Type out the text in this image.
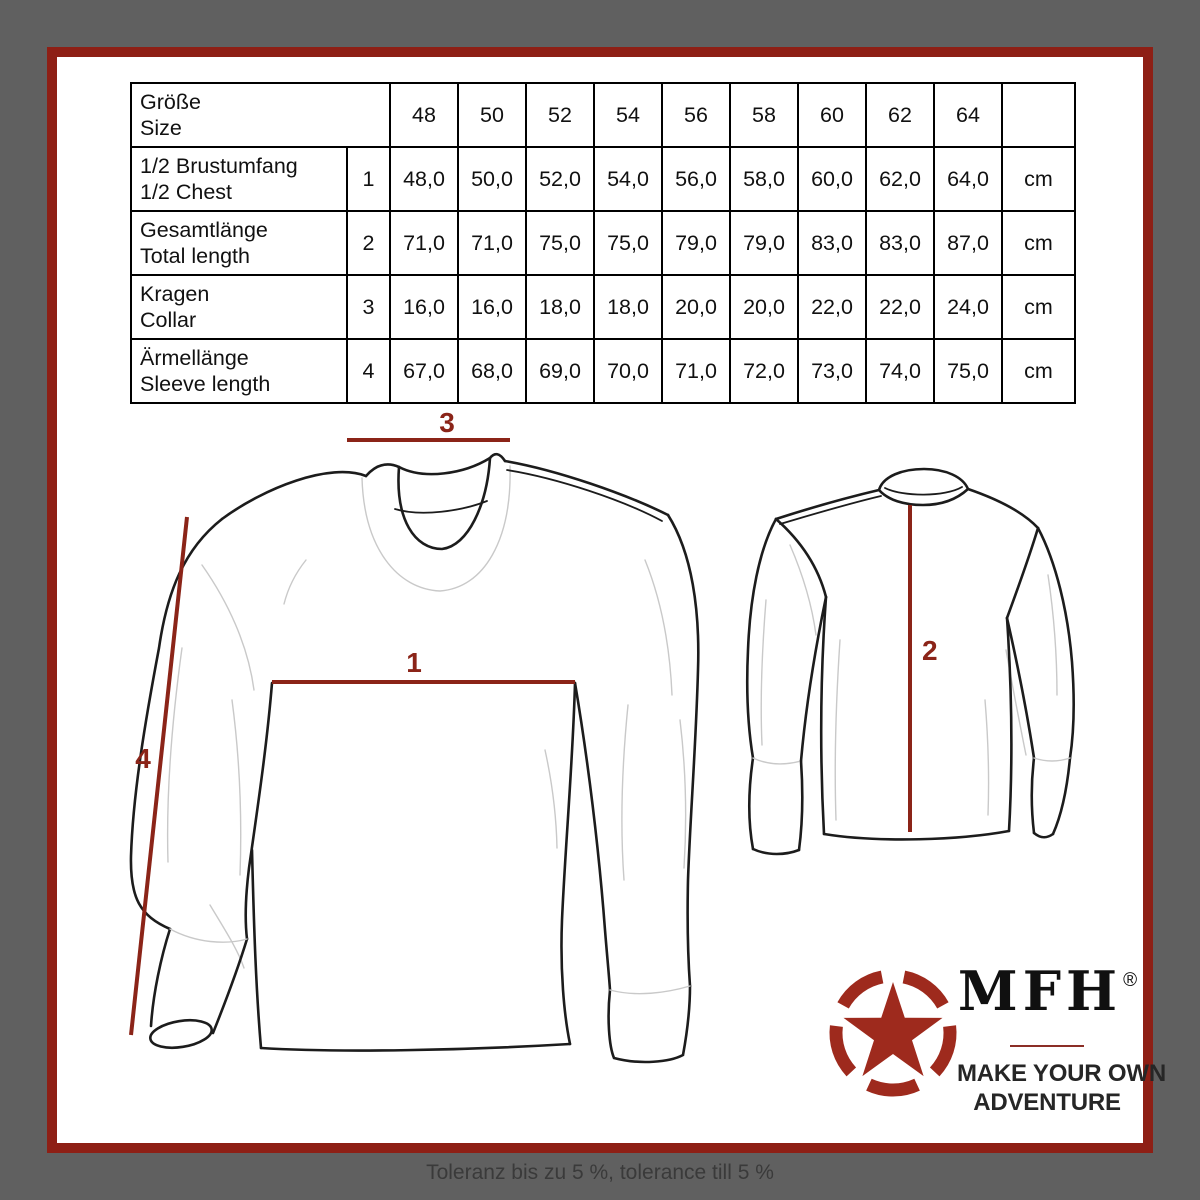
Größe
Size		48	50	52	54	56	58	60	62	64	
1/2 Brustumfang
1/2 Chest	1	48,0	50,0	52,0	54,0	56,0	58,0	60,0	62,0	64,0	cm
Gesamtlänge
Total length	2	71,0	71,0	75,0	75,0	79,0	79,0	83,0	83,0	87,0	cm
Kragen
Collar	3	16,0	16,0	18,0	18,0	20,0	20,0	22,0	22,0	24,0	cm
Ärmellänge
Sleeve length	4	67,0	68,0	69,0	70,0	71,0	72,0	73,0	74,0	75,0	cm
3
1
4
2
MFH®
MAKE YOUR OWN
ADVENTURE
Toleranz bis zu 5 %, tolerance till 5 %
